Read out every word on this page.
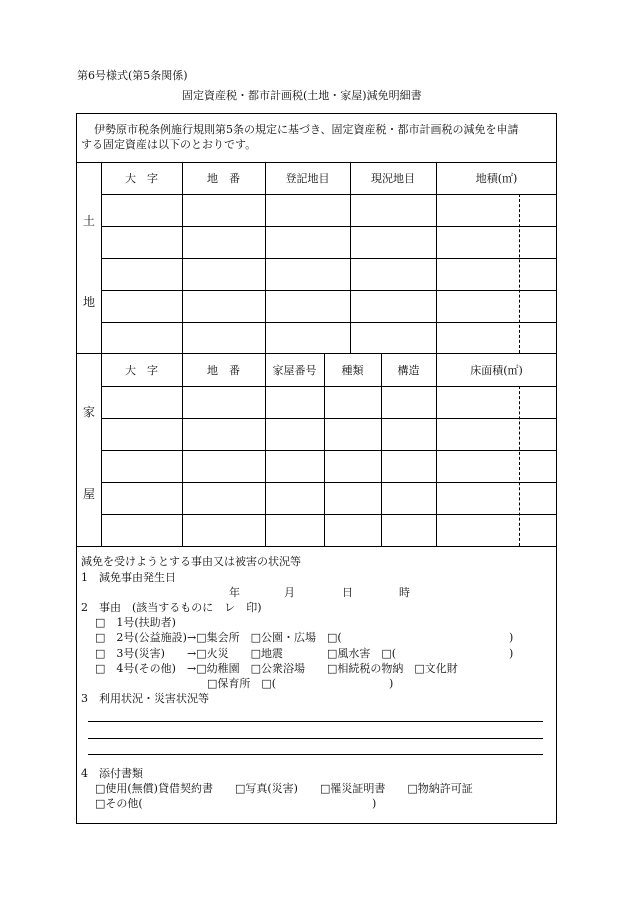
第6号様式(第5条関係)
固定資産税・都市計画税(土地・家屋)減免明細書
伊勢原市税条例施行規則第5条の規定に基づき、固定資産税・都市計画税の減免を申請
する固定資産は以下のとおりです。
土
地
大　字	地　番	登記地目	現況地目	地積(㎡)
家
屋
大　字	地　番	家屋番号	種類	構造	床面積(㎡)
減免を受けようとする事由又は被害の状況等
1　減免事由発生日
年	月	日	時
2　事由　(該当するものに　レ　印)
□　1号(扶助者)
□　2号(公益施設)→□集会所　□公園・広場　□(	)
□　3号(災害)　　→□火災　　□地震　　　　□風水害　□(	)
□　4号(その他)　→□幼稚園　□公衆浴場　　□相続税の物納　□文化財
□保育所　□(	)
3　利用状況・災害状況等
4　添付書類
□使用(無償)貸借契約書　　□写真(災害)　　□罹災証明書　　□物納許可証
□その他(	)
